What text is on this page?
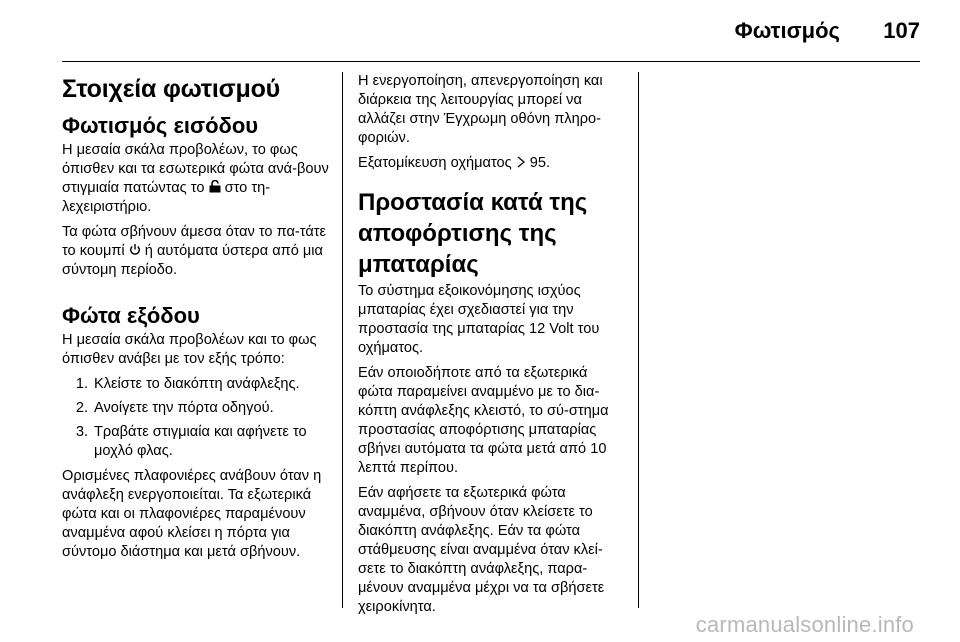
Φωτισμός 107
Στοιχεία φωτισμού
Φωτισμός εισόδου

Η μεσαία σκάλα προβολέων, το φως όπισθεν και τα εσωτερικά φώτα ανά-βουν στιγμιαία πατώντας το στο τη-λεχειριστήριο.

Τα φώτα σβήνουν άμεσα όταν το πα-τάτε το κουμπί ή αυτόματα ύστερα από μια σύντομη περίοδο.

Φώτα εξόδου

Η μεσαία σκάλα προβολέων και το φως όπισθεν ανάβει με τον εξής τρόπο:

1. Κλείστε το διακόπτη ανάφλεξης.
2. Ανοίγετε την πόρτα οδηγού.
3. Τραβάτε στιγμιαία και αφήνετε το μοχλό φλας.

Ορισμένες πλαφονιέρες ανάβουν όταν η ανάφλεξη ενεργοποιείται. Τα εξωτερικά φώτα και οι πλαφονιέρες παραμένουν αναμμένα αφού κλείσει η πόρτα για σύντομο διάστημα και μετά σβήνουν.

Η ενεργοποίηση, απενεργοποίηση και διάρκεια της λειτουργίας μπορεί να αλλάζει στην Έγχρωμη οθόνη πληρο-φοριών.

Εξατομίκευση οχήματος 95.

Προστασία κατά της αποφόρτισης της μπαταρίας

Το σύστημα εξοικονόμησης ισχύος μπαταρίας έχει σχεδιαστεί για την προστασία της μπαταρίας 12 Volt του οχήματος.

Εάν οποιοδήποτε από τα εξωτερικά φώτα παραμείνει αναμμένο με το δια-κόπτη ανάφλεξης κλειστό, το σύ-στημα προστασίας αποφόρτισης μπαταρίας σβήνει αυτόματα τα φώτα μετά από 10 λεπτά περίπου.

Εάν αφήσετε τα εξωτερικά φώτα αναμμένα, σβήνουν όταν κλείσετε το διακόπτη ανάφλεξης. Εάν τα φώτα στάθμευσης είναι αναμμένα όταν κλεί-σετε το διακόπτη ανάφλεξης, παρα-μένουν αναμμένα μέχρι να τα σβήσετε χειροκίνητα.

carmanualsonline.info
